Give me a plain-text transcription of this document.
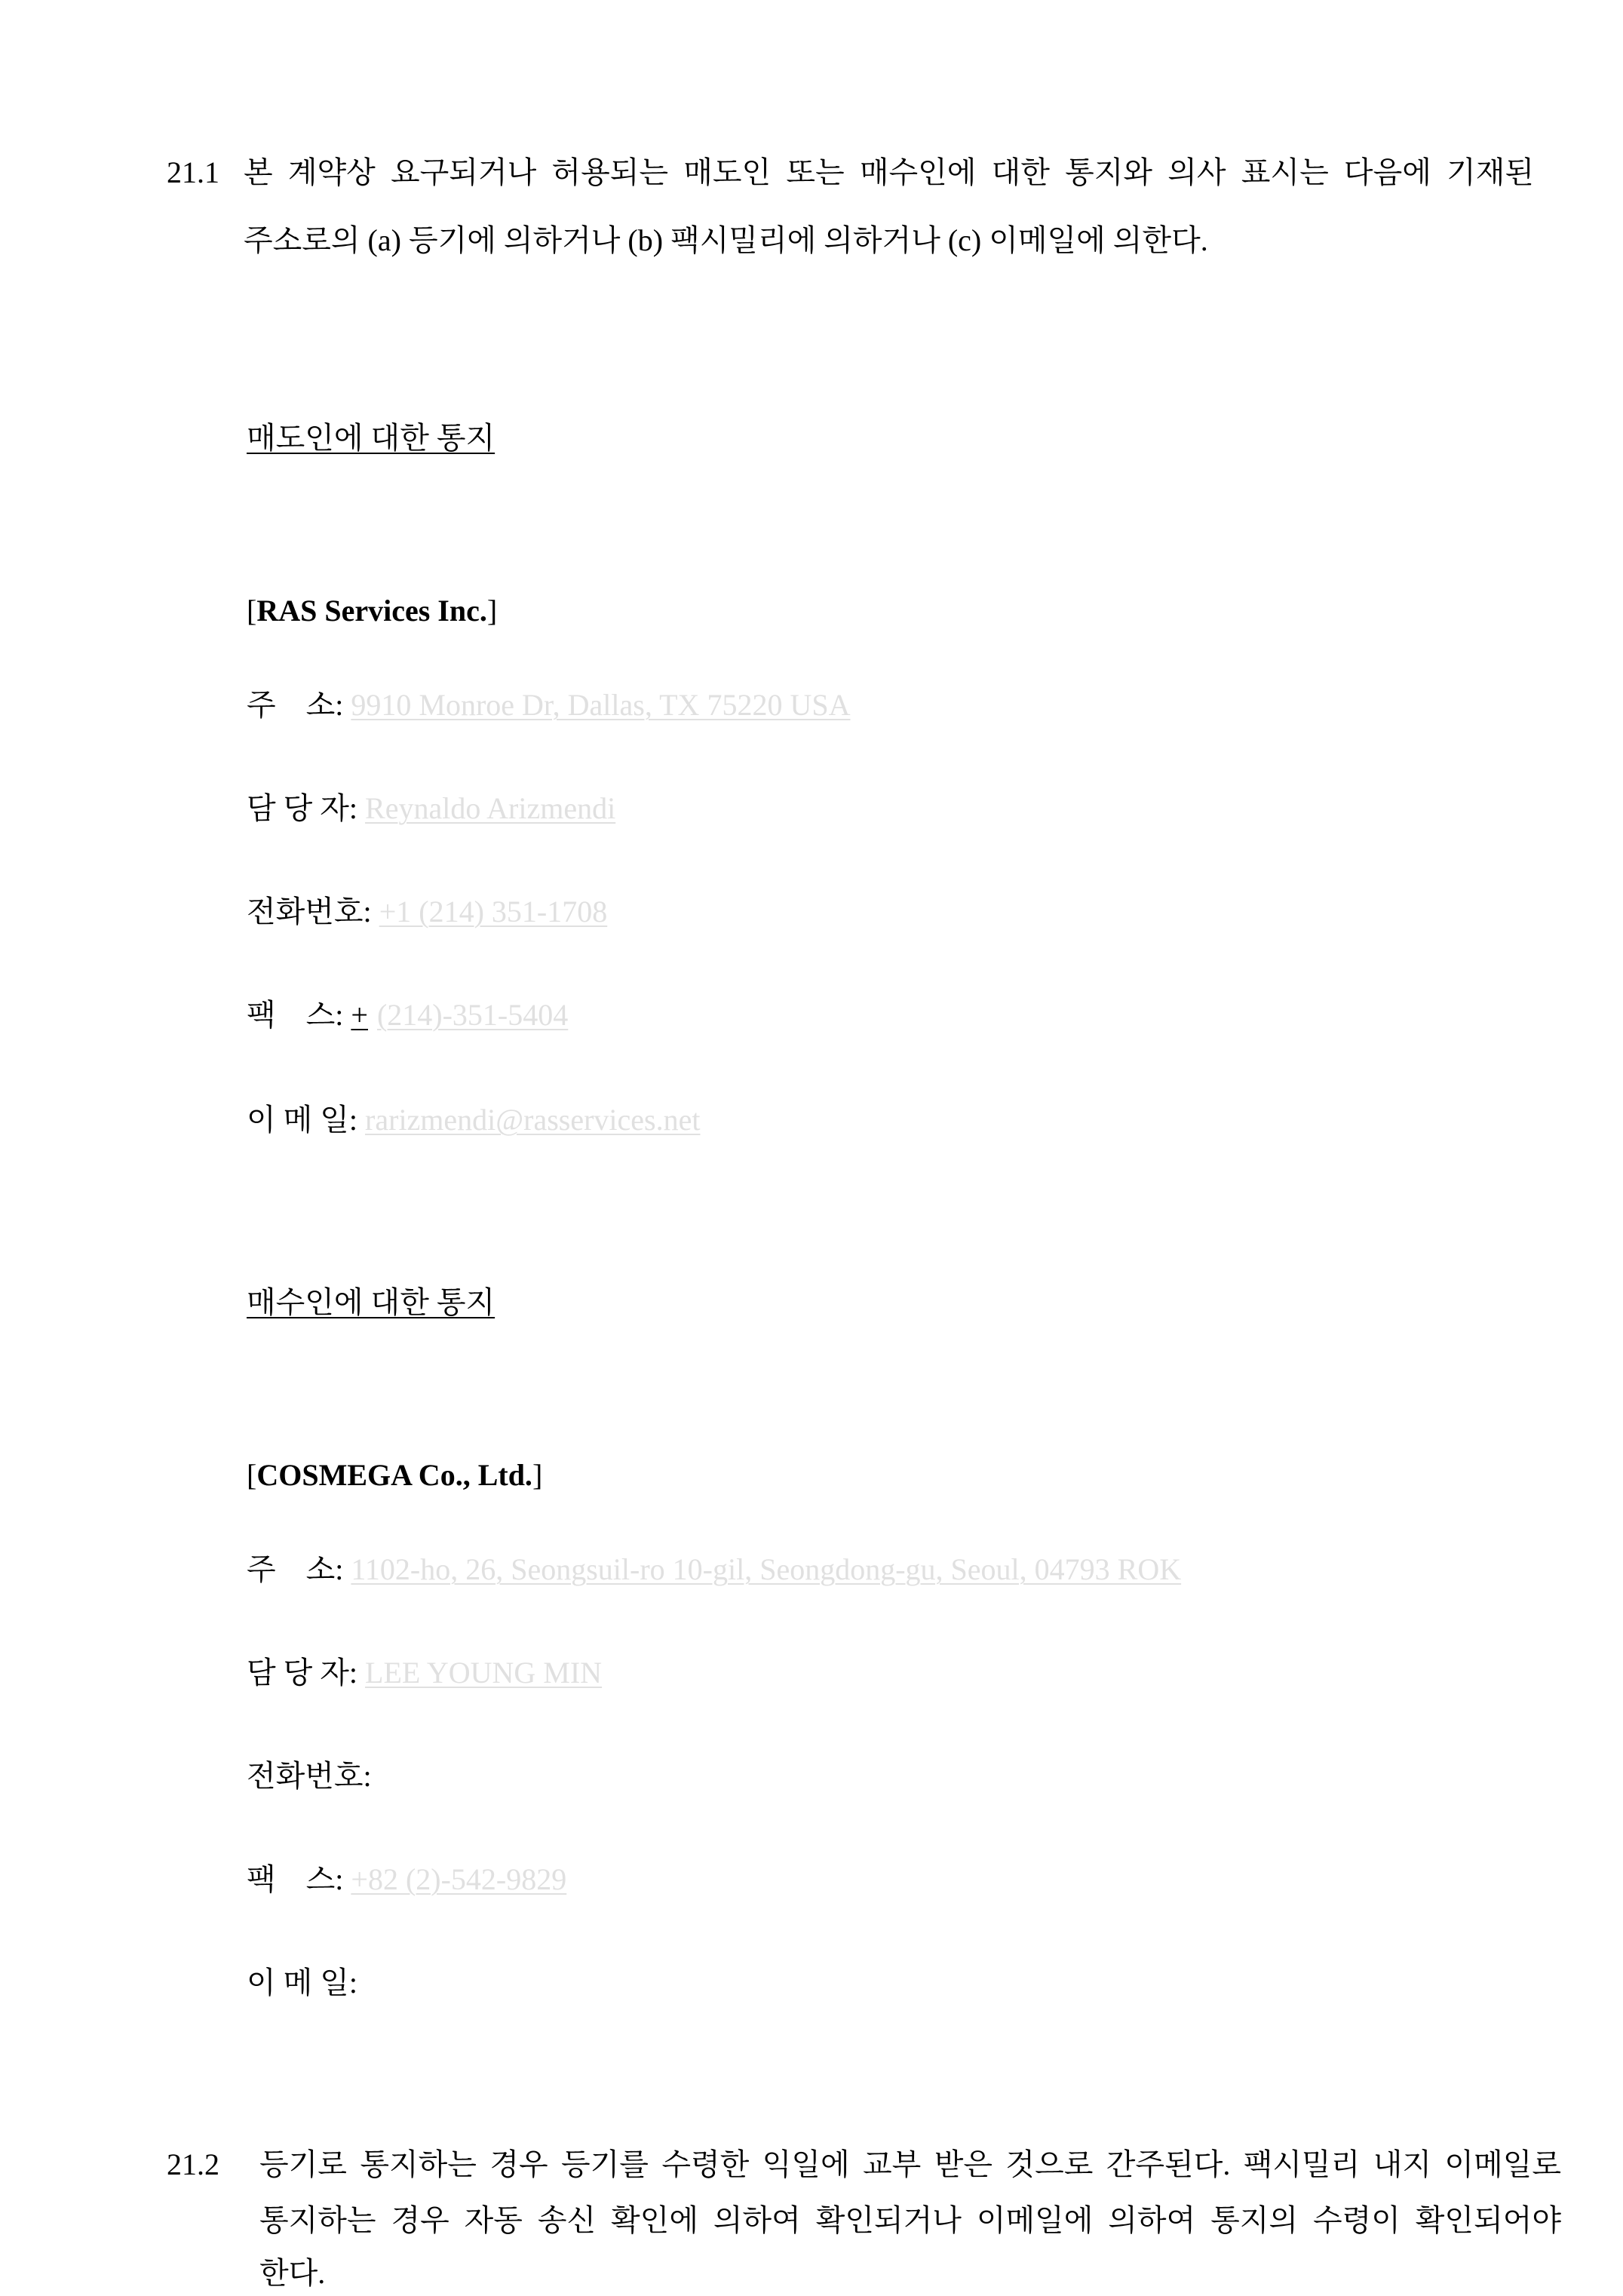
21.1 본 계약상 요구되거나 허용되는 매도인 또는 매수인에 대한 통지와 의사 표시는 다음에 기재된
주소로의 (a) 등기에 의하거나 (b) 팩시밀리에 의하거나 (c) 이메일에 의한다.
매도인에 대한 통지
[RAS Services Inc.]
주    소: 9910 Monroe Dr, Dallas, TX 75220 USA
담 당 자: Reynaldo Arizmendi
전화번호: +1 (214) 351-1708
팩    스: + (214)-351-5404
이 메 일: rarizmendi@rasservices.net
매수인에 대한 통지
[COSMEGA Co., Ltd.]
주    소: 1102-ho, 26, Seongsuil-ro 10-gil, Seongdong-gu, Seoul, 04793 ROK
담 당 자: LEE YOUNG MIN
전화번호:
팩    스: +82 (2)-542-9829
이 메 일:
21.2 등기로 통지하는 경우 등기를 수령한 익일에 교부 받은 것으로 간주된다. 팩시밀리 내지 이메일로
통지하는 경우 자동 송신 확인에 의하여 확인되거나 이메일에 의하여 통지의 수령이 확인되어야
한다.
